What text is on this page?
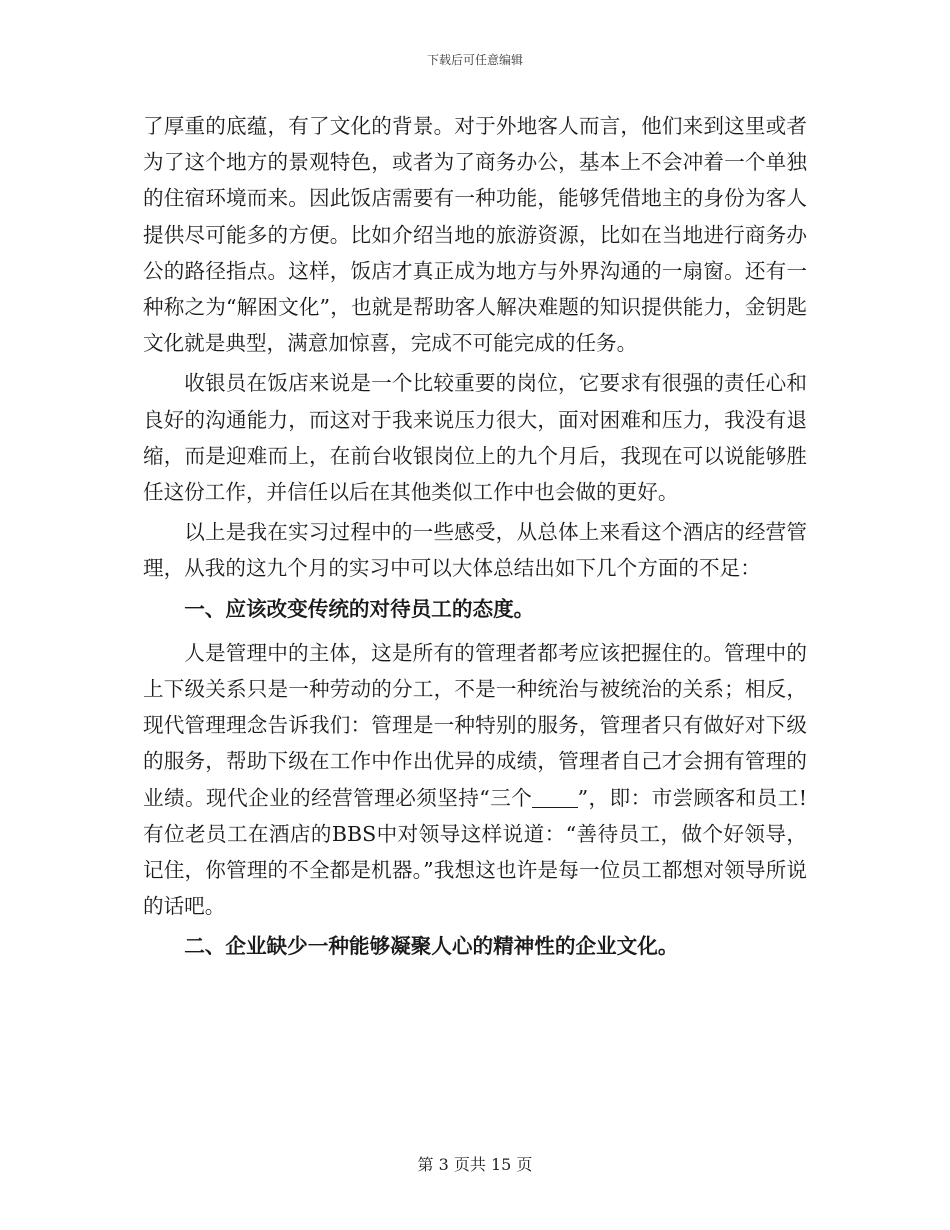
下载后可任意编辑

了厚重的底蕴，有了文化的背景。对于外地客人而言，他们来到这里或者为了这个地方的景观特色，或者为了商务办公，基本上不会冲着一个单独的住宿环境而来。因此饭店需要有一种功能，能够凭借地主的身份为客人提供尽可能多的方便。比如介绍当地的旅游资源，比如在当地进行商务办公的路径指点。这样，饭店才真正成为地方与外界沟通的一扇窗。还有一种称之为“解困文化”，也就是帮助客人解决难题的知识提供能力，金钥匙文化就是典型，满意加惊喜，完成不可能完成的任务。

收银员在饭店来说是一个比较重要的岗位，它要求有很强的责任心和良好的沟通能力，而这对于我来说压力很大，面对困难和压力，我没有退缩，而是迎难而上，在前台收银岗位上的九个月后，我现在可以说能够胜任这份工作，并信任以后在其他类似工作中也会做的更好。

以上是我在实习过程中的一些感受，从总体上来看这个酒店的经营管理，从我的这九个月的实习中可以大体总结出如下几个方面的不足：

一、应该改变传统的对待员工的态度。

人是管理中的主体，这是所有的管理者都考应该把握住的。管理中的上下级关系只是一种劳动的分工，不是一种统治与被统治的关系；相反，现代管理理念告诉我们：管理是一种特别的服务，管理者只有做好对下级的服务，帮助下级在工作中作出优异的成绩，管理者自己才会拥有管理的业绩。现代企业的经营管理必须坚持“三个 ”，即：市尝顾客和员工!有位老员工在酒店的BBS中对领导这样说道：“善待员工，做个好领导，记住，你管理的不全都是机器。”我想这也许是每一位员工都想对领导所说的话吧。

二、企业缺少一种能够凝聚人心的精神性的企业文化。

第 3 页共 15 页
